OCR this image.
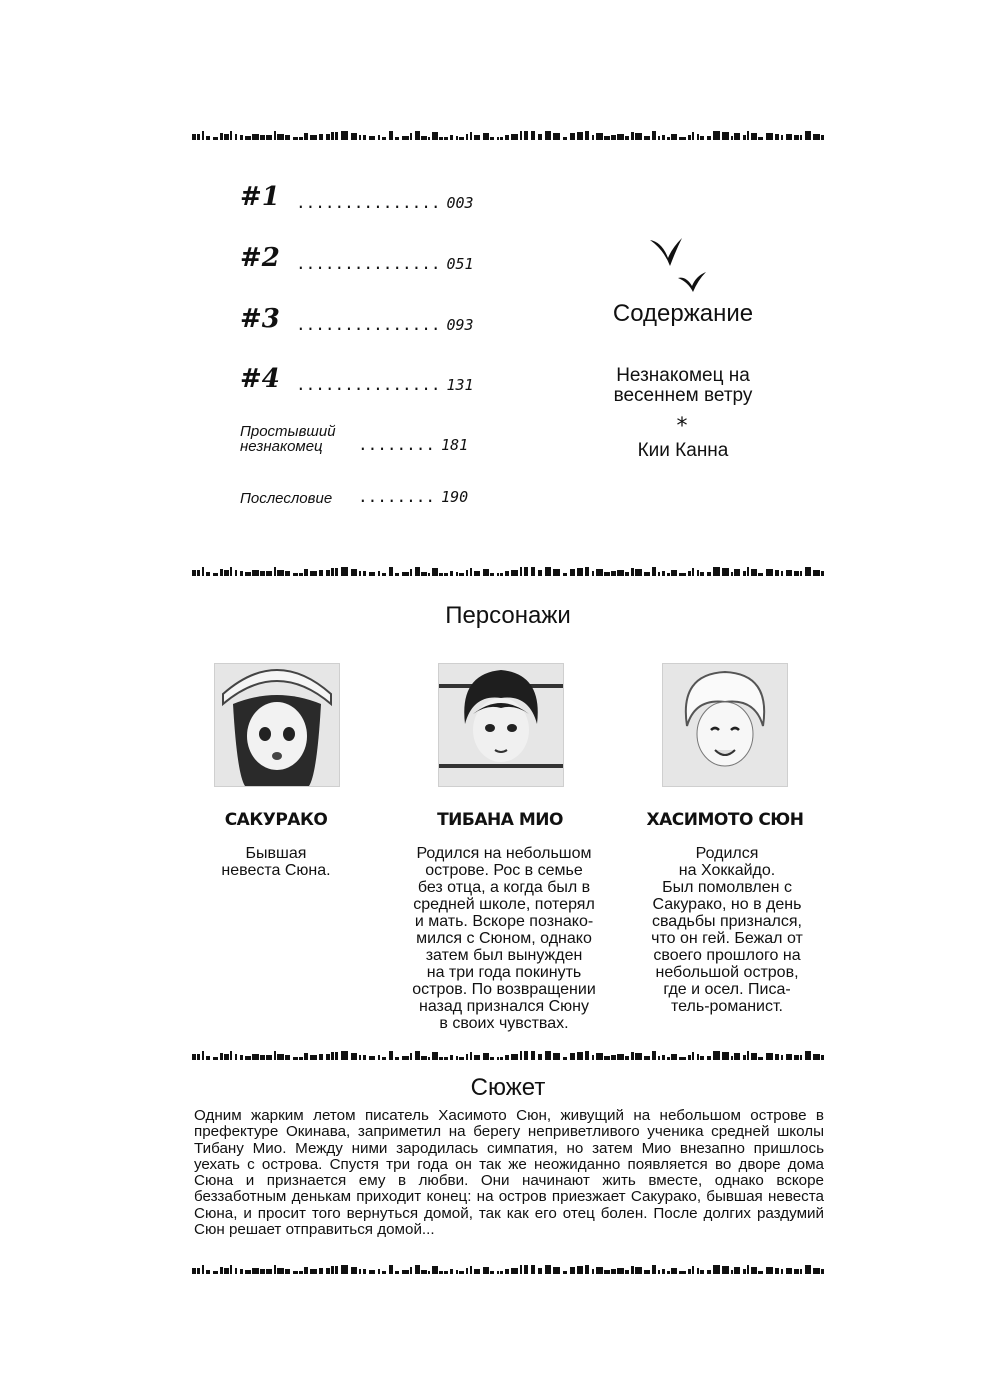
#1	............... 003
#2	............... 051
#3	............... 093
#4	............... 131
Простывший
незнакомец	........ 181
Послесловие	........ 190
Содержание
Незнакомец на
весеннем ветру
*
Кии Канна
Персонажи
САКУРАКО	ТИБАНА МИО	ХАСИМОТО СЮН
Бывшая
невеста Сюна.
Родился на небольшом
острове. Рос в семье
без отца, а когда был в
средней школе, потерял
и мать. Вскоре познако-
мился с Сюном, однако
затем был вынужден
на три года покинуть
остров. По возвращении
назад признался Сюну
в своих чувствах.
Родился
на Хоккайдо.
Был помолвлен с
Сакурако, но в день
свадьбы признался,
что он гей. Бежал от
своего прошлого на
небольшой остров,
где и осел. Писа-
тель-романист.
Сюжет
Одним жарким летом писатель Хасимото Сюн, живущий на небольшом острове в префектуре Окинава, заприметил на берегу неприветливого ученика средней школы Тибану Мио. Между ними зародилась симпатия, но затем Мио внезапно пришлось уехать с острова. Спустя три года он так же неожиданно появляется во дворе дома Сюна и признается ему в любви. Они начинают жить вместе, однако вскоре беззаботным денькам приходит конец: на остров приезжает Сакурако, бывшая невеста Сюна, и просит того вернуться домой, так как его отец болен. После долгих раздумий Сюн решает отправиться домой...
